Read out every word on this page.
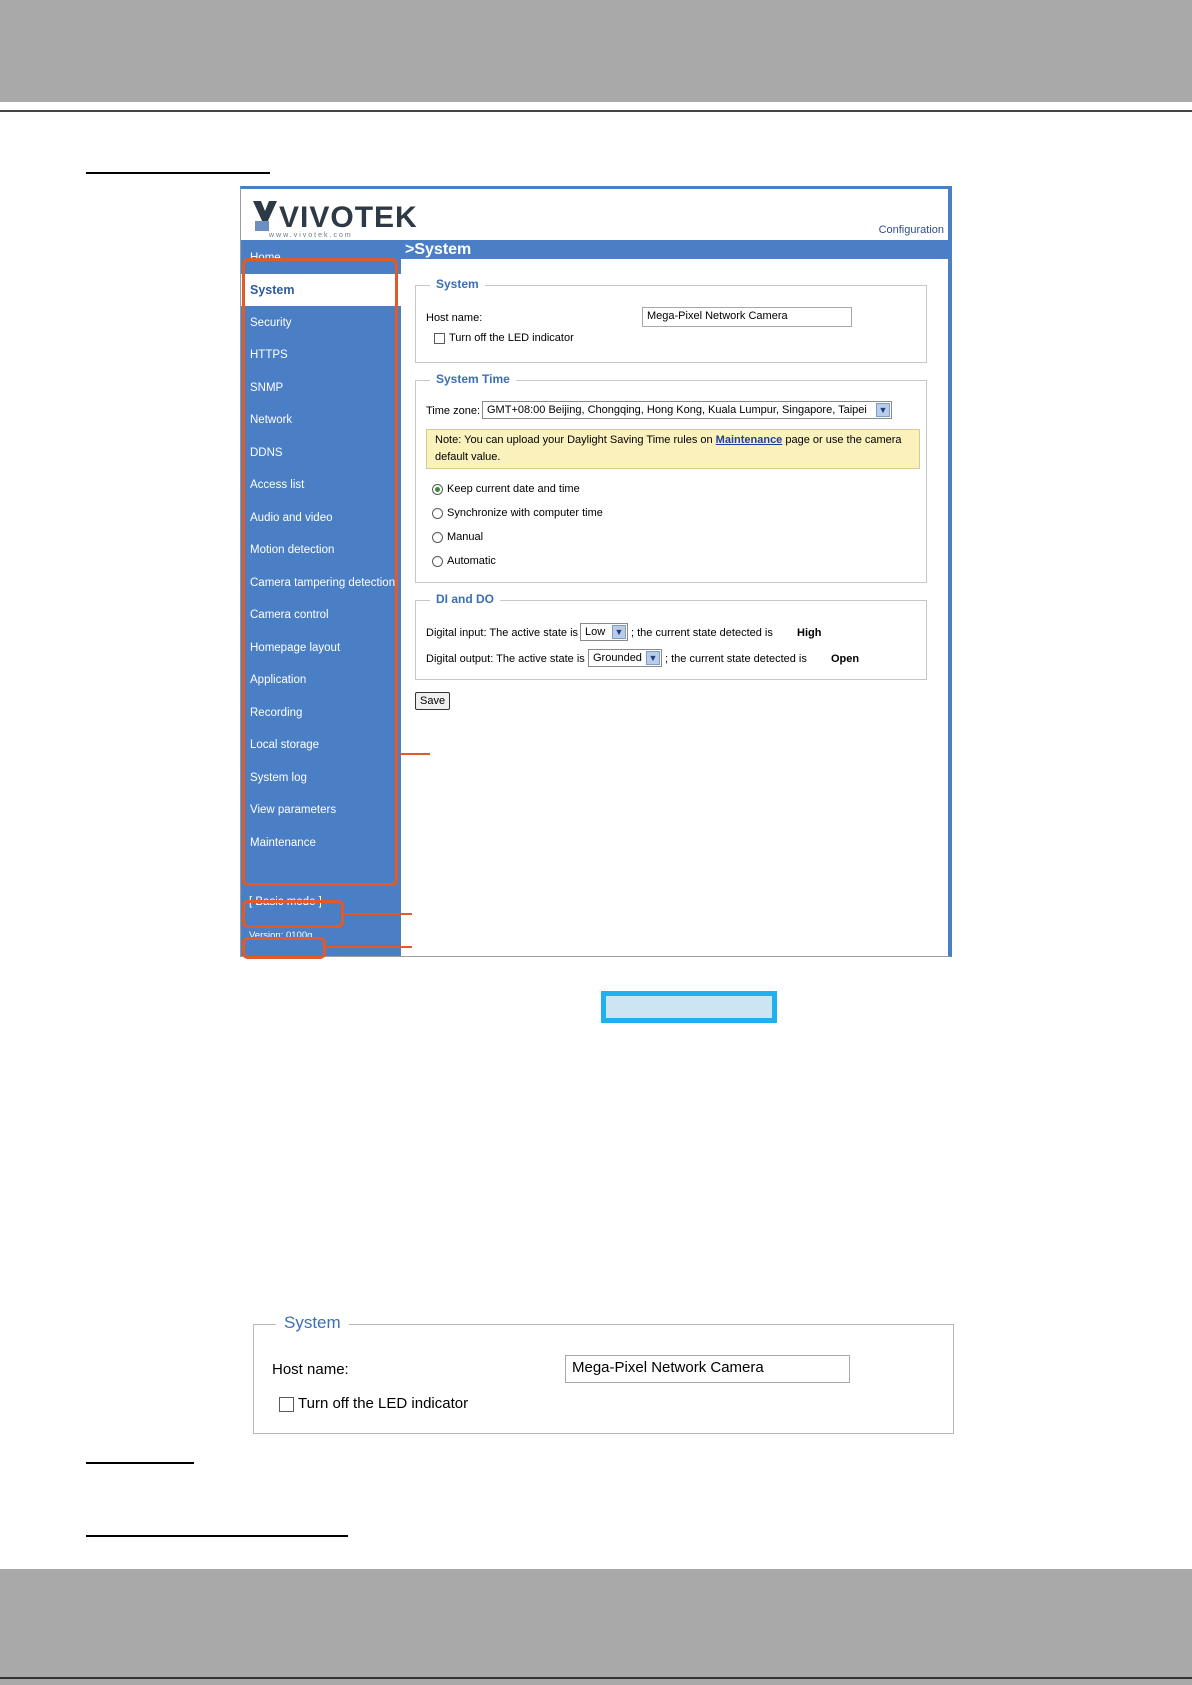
VIVOTEK
www.vivotek.com	Configuration
>System
Home
System
Security
HTTPS
SNMP
Network
DDNS
Access list
Audio and video
Motion detection
Camera tampering detection
Camera control
Homepage layout
Application
Recording
Local storage
System log
View parameters
Maintenance
[ Basic mode ]
Version: 0100g
System
Host name:	Mega-Pixel Network Camera
Turn off the LED indicator
System Time
Time zone: GMT+08:00 Beijing, Chongqing, Hong Kong, Kuala Lumpur, Singapore, Taipei ▼
Note: You can upload your Daylight Saving Time rules on Maintenance page or use the camera
default value.
Keep current date and time
Synchronize with computer time
Manual
Automatic
DI and DO
Digital input: The active state is Low ▼ ; the current state detected is High
Digital output: The active state is Grounded ▼ ; the current state detected is Open
Save
System
Host name:	Mega-Pixel Network Camera
Turn off the LED indicator
